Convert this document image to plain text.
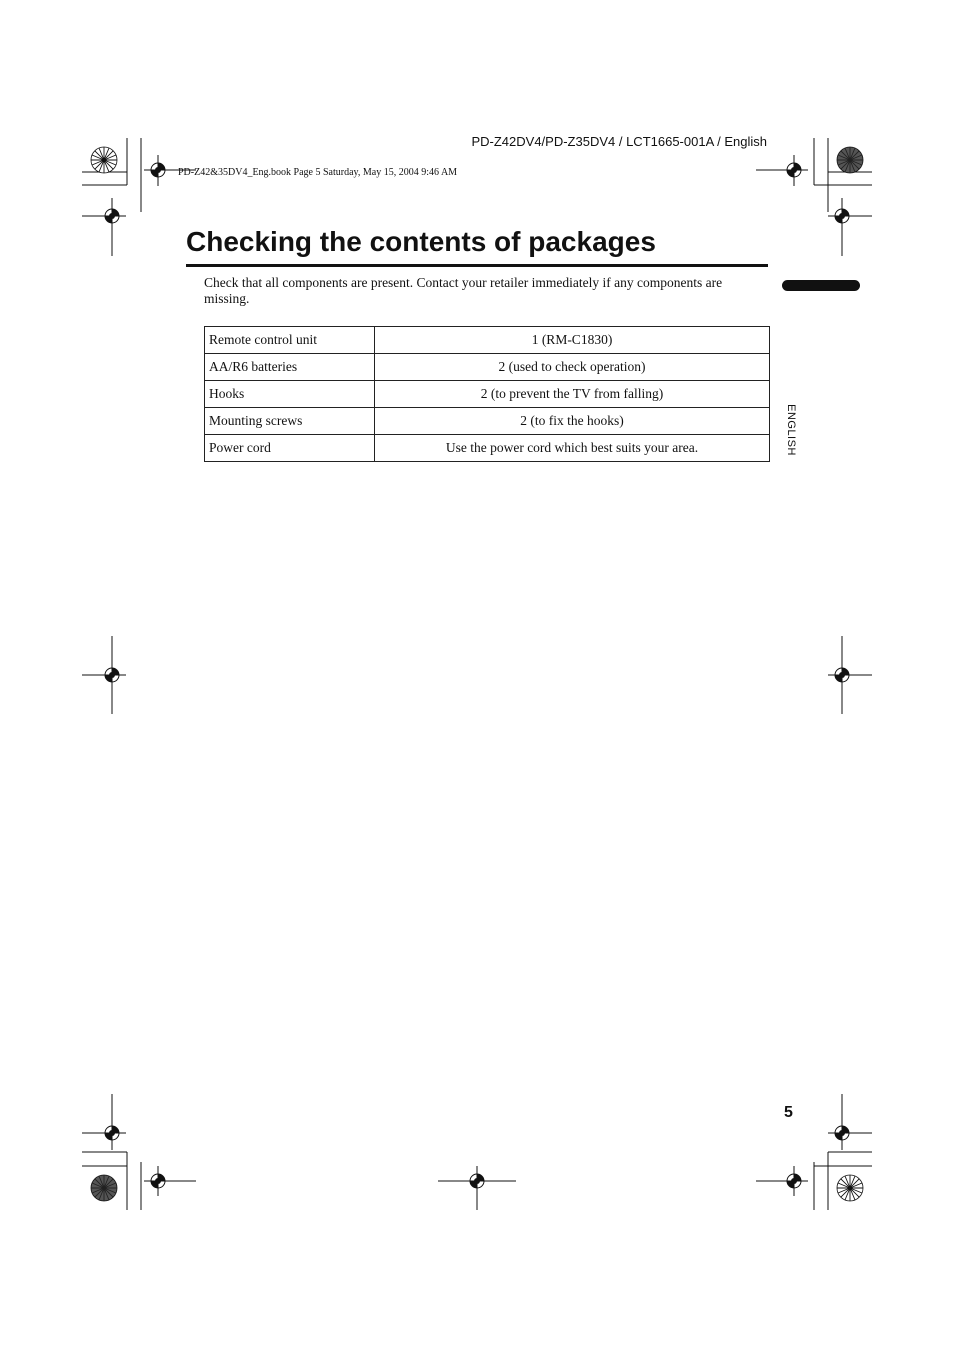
PD-Z42DV4/PD-Z35DV4 / LCT1665-001A / English

PD-Z42&35DV4_Eng.book Page 5 Saturday, May 15, 2004 9:46 AM
Checking the contents of packages

Check that all components are present. Contact your retailer immediately if any components are missing.

Remote control unit	1 (RM-C1830)
AA/R6 batteries	2 (used to check operation)
Hooks	2 (to prevent the TV from falling)
Mounting screws	2 (to fix the hooks)
Power cord	Use the power cord which best suits your area.	ENGLISH
5
